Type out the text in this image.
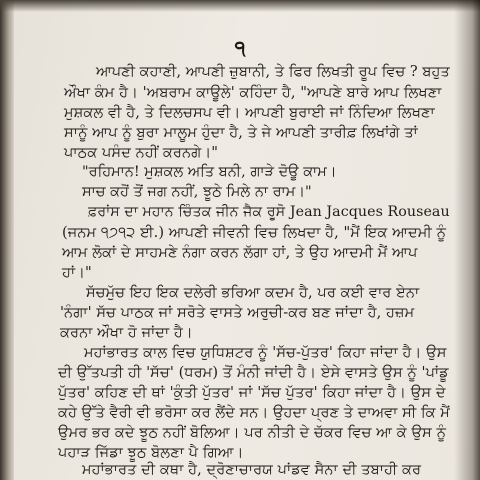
੧
ਆਪਣੀ ਕਹਾਣੀ, ਆਪਣੀ ਜ਼ੁਬਾਨੀ, ਤੇ ਫਿਰ ਲਿਖਤੀ ਰੂਪ ਵਿਚ ? ਬਹੁਤ
ਔਖਾ ਕੰਮ ਹੈ। 'ਅਬਰਾਮ ਕਾਊਲੇ' ਕਹਿੰਦਾ ਹੈ, "ਆਪਣੇ ਬਾਰੇ ਆਪ ਲਿਖਣਾ
ਮੁਸ਼ਕਲ ਵੀ ਹੈ, ਤੇ ਦਿਲਚਸਪ ਵੀ। ਆਪਣੀ ਬੁਰਾਈ ਜਾਂ ਨਿੰਦਿਆ ਲਿਖਣਾ
ਸਾਨੂੰ ਆਪ ਨੂੰ ਬੁਰਾ ਮਾਲੂਮ ਹੁੰਦਾ ਹੈ, ਤੇ ਜੇ ਆਪਣੀ ਤਾਰੀਫ਼ ਲਿਖਾਂਗੇ ਤਾਂ
ਪਾਠਕ ਪਸੰਦ ਨਹੀਂ ਕਰਨਗੇ।"
"ਰਹਿਮਾਨ! ਮੁਸ਼ਕਲ ਅਤਿ ਬਨੀ, ਗਾੜੇ ਦੋਊ ਕਾਮ।
ਸਾਚ ਕਹੋਂ ਤੋਂ ਜਗ ਨਹੀਂ, ਝੂਠੇ ਮਿਲੇ ਨਾ ਰਾਮ।"
ਫ਼ਰਾਂਸ ਦਾ ਮਹਾਨ ਚਿੰਤਕ ਜੀਨ ਜੈਕ ਰੂਸੋ Jean Jacques Rouseau
(ਜਨਮ ੧੭੧੨ ਈ.) ਆਪਣੀ ਜੀਵਨੀ ਵਿਚ ਲਿਖਦਾ ਹੈ, "ਮੈਂ ਇਕ ਆਦਮੀ ਨੂੰ
ਆਮ ਲੋਕਾਂ ਦੇ ਸਾਹਮਣੇ ਨੰਗਾ ਕਰਨ ਲੱਗਾ ਹਾਂ, ਤੇ ਉਹ ਆਦਮੀ ਮੈਂ ਆਪ
ਹਾਂ।"
ਸੱਚਮੁੱਚ ਇਹ ਇਕ ਦਲੇਰੀ ਭਰਿਆ ਕਦਮ ਹੈ, ਪਰ ਕਈ ਵਾਰ ਏਨਾ
'ਨੰਗਾ' ਸੱਚ ਪਾਠਕ ਜਾਂ ਸਰੋਤੇ ਵਾਸਤੇ ਅਰੁਚੀ-ਕਰ ਬਣ ਜਾਂਦਾ ਹੈ, ਹਜ਼ਮ
ਕਰਨਾ ਔਖਾ ਹੋ ਜਾਂਦਾ ਹੈ।
ਮਹਾਂਭਾਰਤ ਕਾਲ ਵਿਚ ਯੁਧਿਸ਼ਟਰ ਨੂੰ 'ਸੱਚ-ਪੁੱਤਰ' ਕਿਹਾ ਜਾਂਦਾ ਹੈ। ਉਸ
ਦੀ ਉੱਤਪਤੀ ਹੀ 'ਸੱਚ' (ਧਰਮ) ਤੋਂ ਮੰਨੀ ਜਾਂਦੀ ਹੈ। ਏਸੇ ਵਾਸਤੇ ਉਸ ਨੂੰ 'ਪਾਂਡੂ
ਪੁੱਤਰ' ਕਹਿਣ ਦੀ ਥਾਂ 'ਕੁੰਤੀ ਪੁੱਤਰ' ਜਾਂ 'ਸੱਚ ਪੁੱਤਰ' ਕਿਹਾ ਜਾਂਦਾ ਹੈ। ਉਸ ਦੇ
ਕਹੇ ਉੱਤੇ ਵੈਰੀ ਵੀ ਭਰੋਸਾ ਕਰ ਲੈਂਦੇ ਸਨ। ਉਹਦਾ ਪ੍ਰਣ ਤੇ ਦਾਅਵਾ ਸੀ ਕਿ ਮੈਂ
ਉਮਰ ਭਰ ਕਦੇ ਝੂਠ ਨਹੀਂ ਬੋਲਿਆ। ਪਰ ਨੀਤੀ ਦੇ ਚੱਕਰ ਵਿਚ ਆ ਕੇ ਉਸ ਨੂੰ
ਪਹਾੜ ਜਿੱਡਾ ਝੂਠ ਬੋਲਣਾ ਪੈ ਗਿਆ।
ਮਹਾਂਭਾਰਤ ਦੀ ਕਥਾ ਹੈ, ਦ੍ਰੋਣਾਚਾਰਯ ਪਾਂਡਵ ਸੈਨਾ ਦੀ ਤਬਾਹੀ ਕਰ
